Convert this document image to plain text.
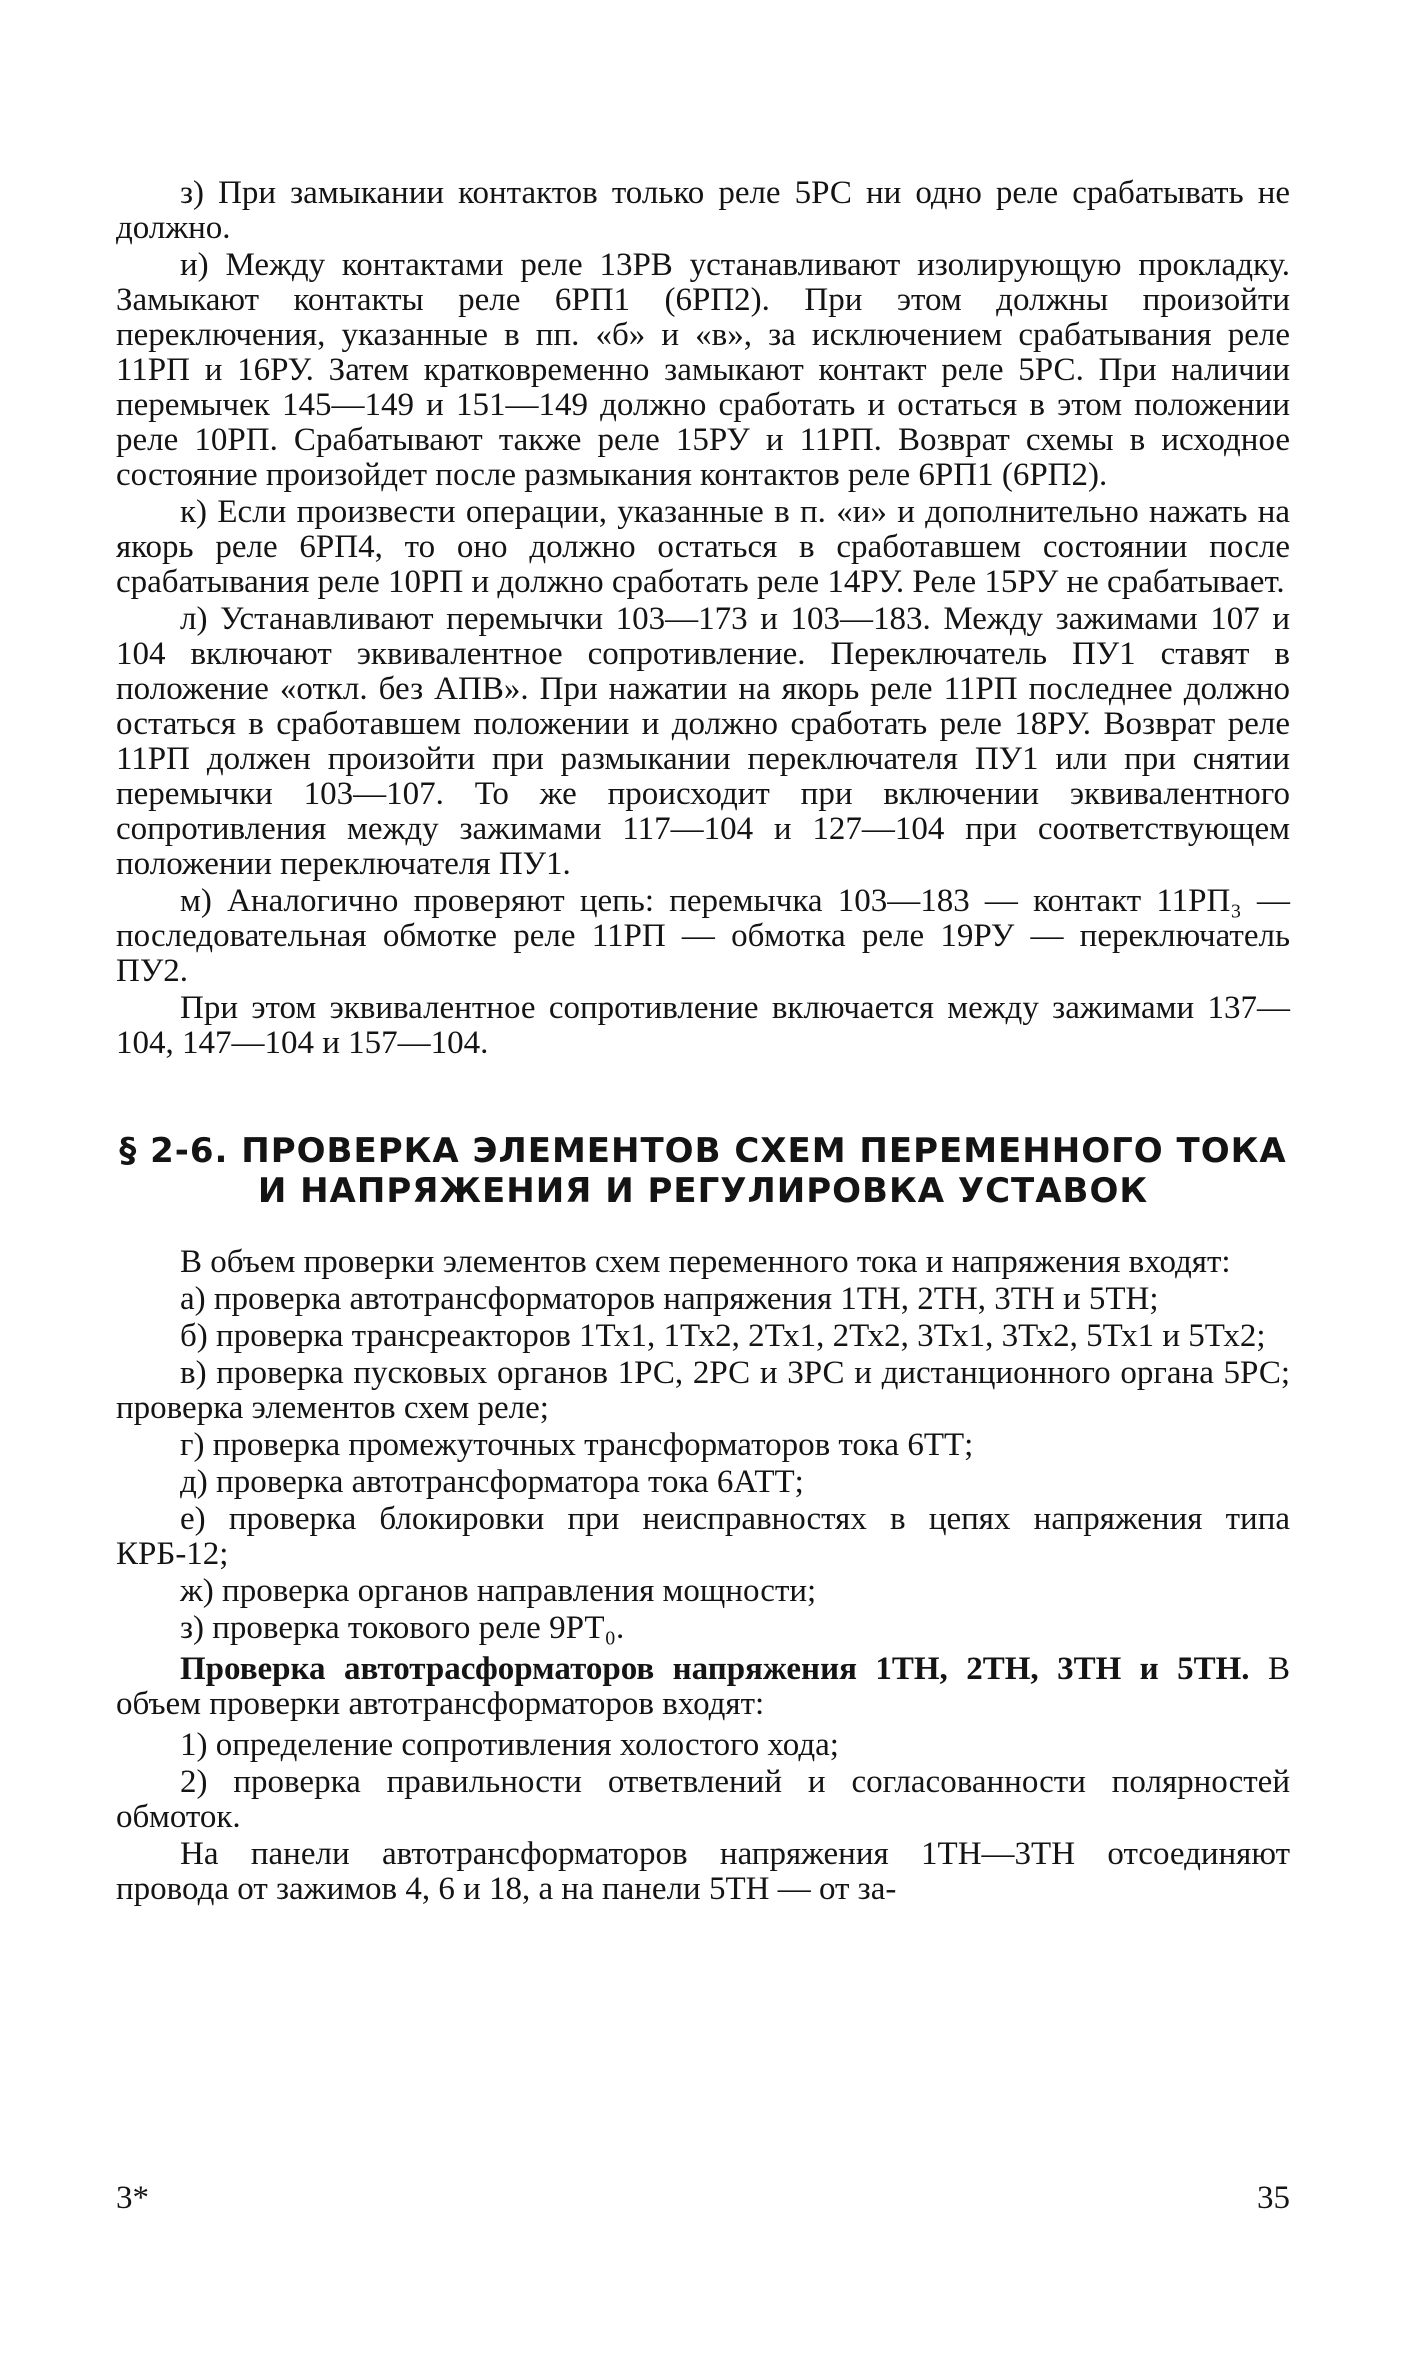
з) При замыкании контактов только реле 5РС ни одно реле срабатывать не должно.

и) Между контактами реле 13РВ устанавливают изолирующую прокладку. Замыкают контакты реле 6РП1 (6РП2). При этом должны произойти переключения, указанные в пп. «б» и «в», за исключением срабатывания реле 11РП и 16РУ. Затем кратковременно замыкают контакт реле 5РС. При наличии перемычек 145—149 и 151—149 должно сработать и остаться в этом положении реле 10РП. Срабатывают также реле 15РУ и 11РП. Возврат схемы в исходное состояние произойдет после размыкания контактов реле 6РП1 (6РП2).

к) Если произвести операции, указанные в п. «и» и дополнительно нажать на якорь реле 6РП4, то оно должно остаться в сработавшем состоянии после срабатывания реле 10РП и должно сработать реле 14РУ. Реле 15РУ не срабатывает.

л) Устанавливают перемычки 103—173 и 103—183. Между зажимами 107 и 104 включают эквивалентное сопротивление. Переключатель ПУ1 ставят в положение «откл. без АПВ». При нажатии на якорь реле 11РП последнее должно остаться в сработавшем положении и должно сработать реле 18РУ. Возврат реле 11РП должен произойти при размыкании переключателя ПУ1 или при снятии перемычки 103—107. То же происходит при включении эквивалентного сопротивления между зажимами 117—104 и 127—104 при соответствующем положении переключателя ПУ1.

м) Аналогично проверяют цепь: перемычка 103—183 — контакт 11РП₃ — последовательная обмотке реле 11РП — обмотка реле 19РУ — переключатель ПУ2.

При этом эквивалентное сопротивление включается между зажимами 137—104, 147—104 и 157—104.

§ 2-6. ПРОВЕРКА ЭЛЕМЕНТОВ СХЕМ ПЕРЕМЕННОГО ТОКА
И НАПРЯЖЕНИЯ И РЕГУЛИРОВКА УСТАВОК

В объем проверки элементов схем переменного тока и напряжения входят:

а) проверка автотрансформаторов напряжения 1ТН, 2ТН, 3ТН и 5ТН;

б) проверка трансреакторов 1Тх1, 1Тх2, 2Тх1, 2Тх2, 3Тх1, 3Тх2, 5Тх1 и 5Тх2;

в) проверка пусковых органов 1РС, 2РС и 3РС и дистанционного органа 5РС; проверка элементов схем реле;

г) проверка промежуточных трансформаторов тока 6ТТ;

д) проверка автотрансформатора тока 6АТТ;

е) проверка блокировки при неисправностях в цепях напряжения типа КРБ-12;

ж) проверка органов направления мощности;

з) проверка токового реле 9РТ₀.

Проверка автотрасформаторов напряжения 1ТН, 2ТН, 3ТН и 5ТН. В объем проверки автотрансформаторов входят:

1) определение сопротивления холостого хода;

2) проверка правильности ответвлений и согласованности полярностей обмоток.

На панели автотрансформаторов напряжения 1ТН—3ТН отсоединяют провода от зажимов 4, 6 и 18, а на панели 5ТН — от за-

3*	35
